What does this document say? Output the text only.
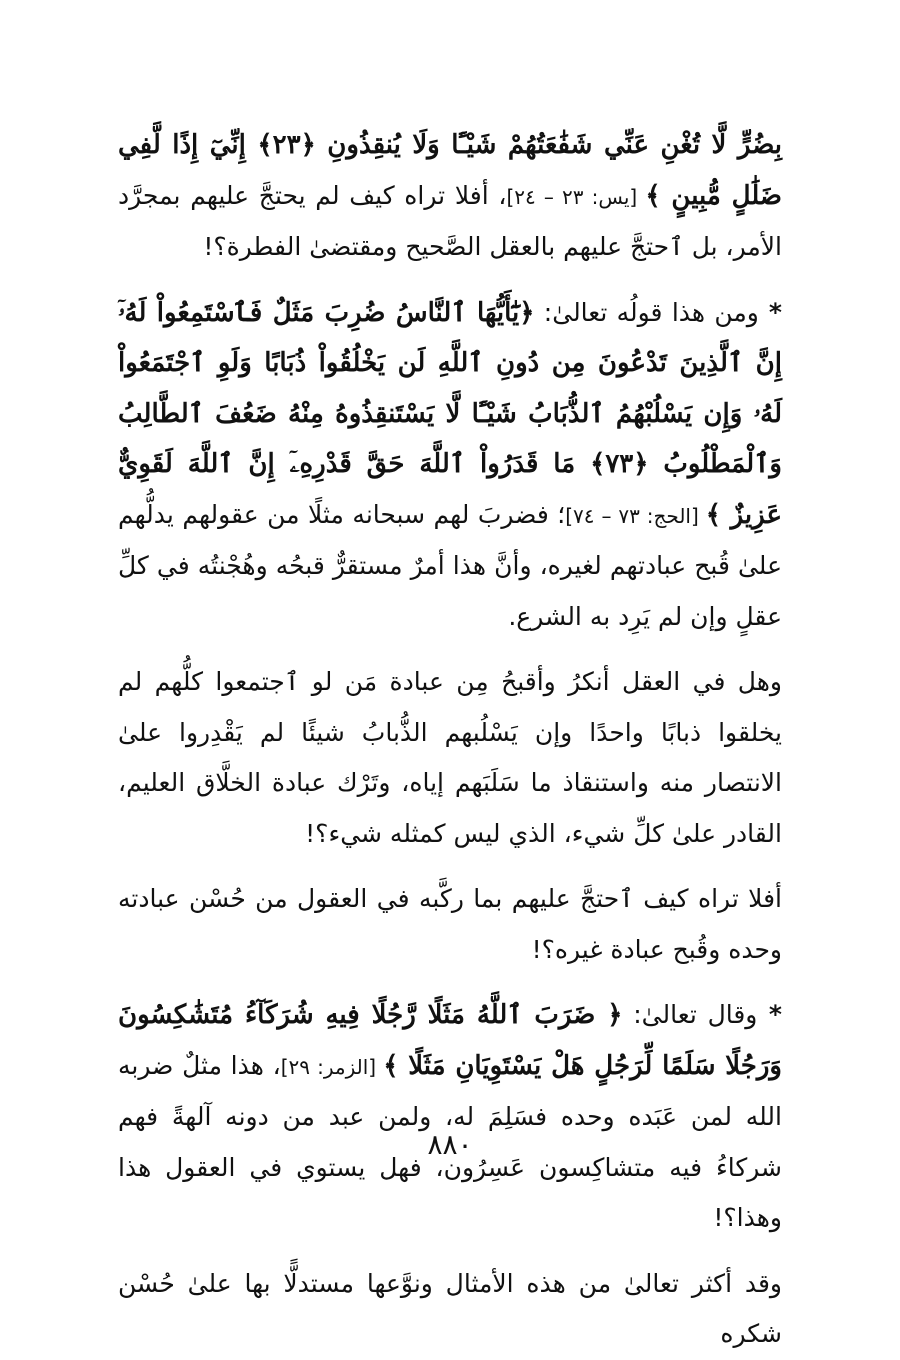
بِضُرٍّ لَّا تُغْنِ عَنِّي شَفَٰعَتُهُمْ شَيْـًٔا وَلَا يُنقِذُونِ ﴿٢٣﴾ إِنِّيٓ إِذًا لَّفِي ضَلَٰلٍ مُّبِينٍ ﴾ [يس: ٢٣ – ٢٤]، أفلا تراه كيف لم يحتجَّ عليهم بمجرَّد الأمر، بل ٱحتجَّ عليهم بالعقل الصَّحيح ومقتضىٰ الفطرة؟!

* ومن هذا قولُه تعالىٰ: ﴿يَٰٓأَيُّهَا ٱلنَّاسُ ضُرِبَ مَثَلٌ فَٱسْتَمِعُواْ لَهُۥٓ إِنَّ ٱلَّذِينَ تَدْعُونَ مِن دُونِ ٱللَّهِ لَن يَخْلُقُواْ ذُبَابًا وَلَوِ ٱجْتَمَعُواْ لَهُۥ وَإِن يَسْلُبْهُمُ ٱلذُّبَابُ شَيْـًٔا لَّا يَسْتَنقِذُوهُ مِنْهُ ضَعُفَ ٱلطَّالِبُ وَٱلْمَطْلُوبُ ﴿٧٣﴾ مَا قَدَرُواْ ٱللَّهَ حَقَّ قَدْرِهِۦٓ إِنَّ ٱللَّهَ لَقَوِيٌّ عَزِيزٌ ﴾ [الحج: ٧٣ – ٧٤]؛ فضربَ لهم سبحانه مثلًا من عقولهم يدلُّهم علىٰ قُبح عبادتهم لغيره، وأنَّ هذا أمرٌ مستقرٌّ قبحُه وهُجْنتُه في كلِّ عقلٍ وإن لم يَرِد به الشرع.

وهل في العقل أنكرُ وأقبحُ مِن عبادة مَن لو ٱجتمعوا كلُّهم لم يخلقوا ذبابًا واحدًا وإن يَسْلُبهم الذُّبابُ شيئًا لم يَقْدِروا علىٰ الانتصار منه واستنقاذ ما سَلَبَهم إياه، وتَرْك عبادة الخلَّاق العليم، القادر علىٰ كلِّ شيء، الذي ليس كمثله شيء؟!

أفلا تراه كيف ٱحتجَّ عليهم بما ركَّبه في العقول من حُسْن عبادته وحده وقُبح عبادة غيره؟!

* وقال تعالىٰ: ﴿ ضَرَبَ ٱللَّهُ مَثَلًا رَّجُلًا فِيهِ شُرَكَآءُ مُتَشَٰكِسُونَ وَرَجُلًا سَلَمًا لِّرَجُلٍ هَلْ يَسْتَوِيَانِ مَثَلًا ﴾ [الزمر: ٢٩]، هذا مثلٌ ضربه الله لمن عَبَده وحده فسَلِمَ له، ولمن عبد من دونه آلهةً فهم شركاءُ فيه متشاكِسون عَسِرُون، فهل يستوي في العقول هذا وهذا؟!

وقد أكثر تعالىٰ من هذه الأمثال ونوَّعها مستدلًّا بها علىٰ حُسْن شكره

٨٨٠
